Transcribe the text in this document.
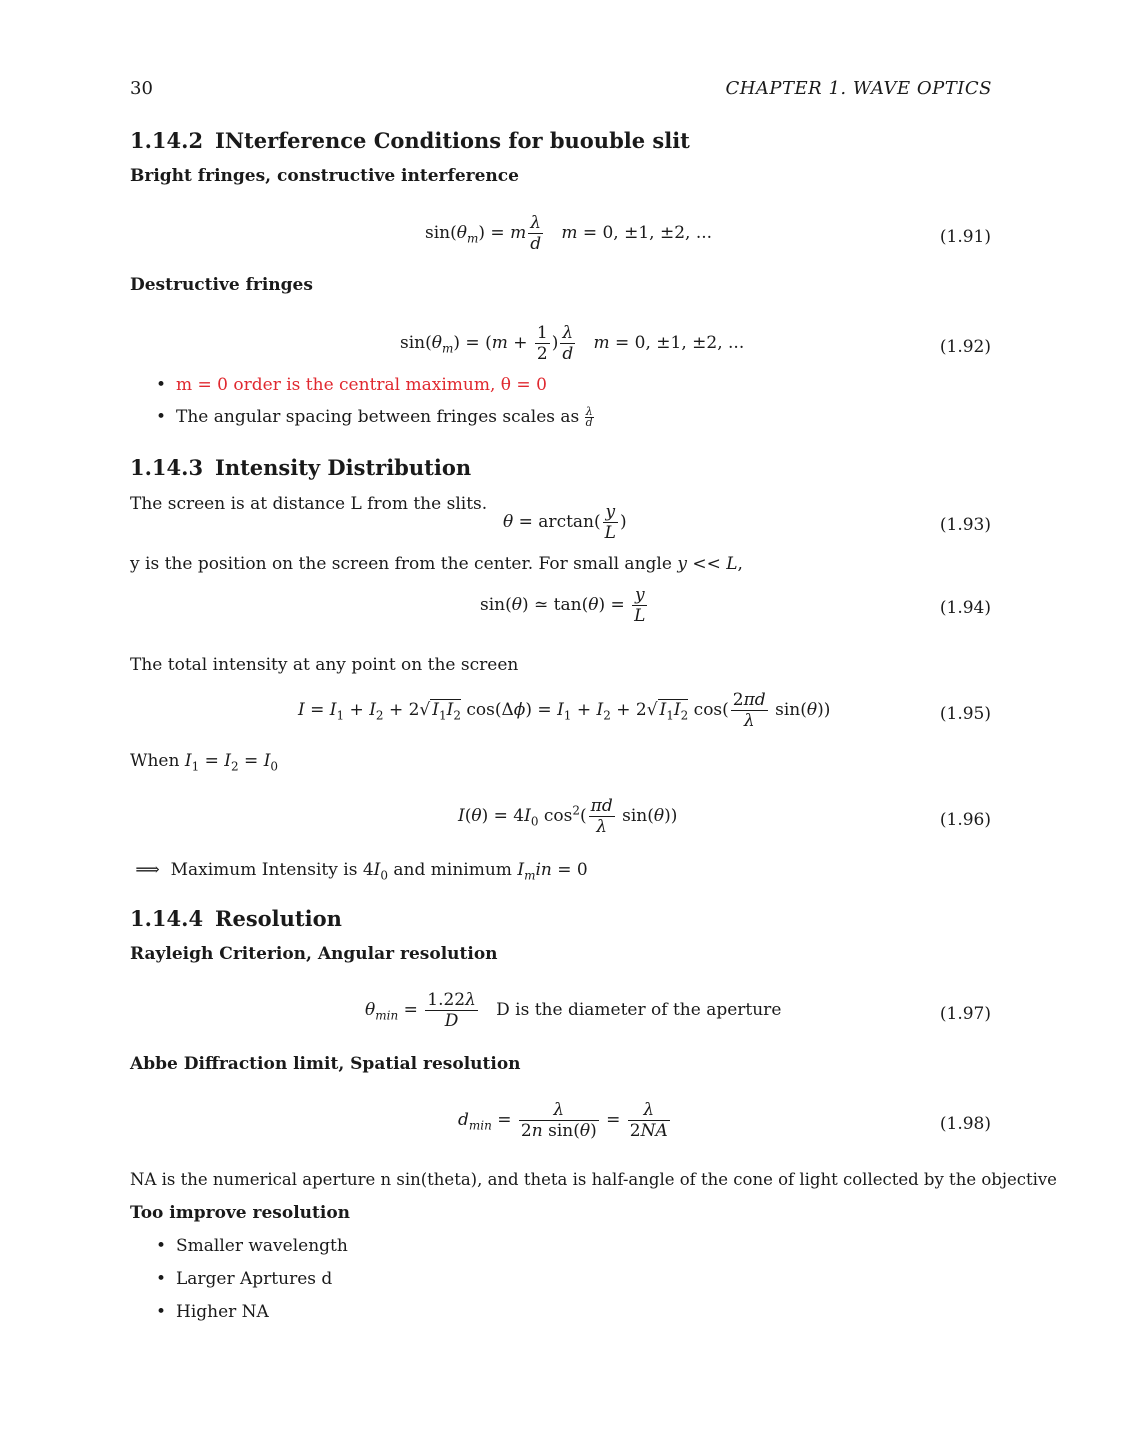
30	CHAPTER 1. WAVE OPTICS
1.14.2 INterference Conditions for buouble slit
Bright fringes, constructive interference
$\sin(\theta_m) = m \frac{\lambda}{d}$ m = 0, ±1, ±2, ...	(1.91)
Destructive fringes
$\sin(\theta_m) = (m + \frac{1}{2}$ ) $\frac{\lambda}{d}$ m = 0, ±1, ±2, ...	(1.92)
• m = 0 order is the central maximum, θ = 0
• The angular spacing between fringes scales as $\frac{\lambda}{d}$
1.14.3 Intensity Distribution
The screen is at distance L from the slits.
$\theta = \arctan( \frac{y}{L}$ )	(1.93)
y is the position on the screen from the center. For small angle y << L,
sin(θ) ≃ $\tan(\theta) = \frac{y}{L}$	(1.94)
The total intensity at any point on the screen
$I = I_1 + I_2 + 2√$ $I_1I_2$ $\cos(\Delta\phi) = I_1 + I_2 + 2√$ $I_1I_2$ $\cos( \frac{2\pi d}{\lambda} \sin(\theta))$	(1.95)
When $I_1 = I_2 = I_0$
$I(\theta) = 4I_0$ $\cos^2( \frac{\pi d}{\lambda} \sin(\theta))$	(1.96)
⟹  Maximum Intensity is $4I_0$ and minimum $I_min = 0$
1.14.4 Resolution
Rayleigh Criterion, Angular resolution
$\theta_{min} = \frac{1.22\lambda}{D}$ D is the diameter of the aperture	(1.97)
Abbe Diffraction limit, Spatial resolution
$d_{min} = \frac{\lambda}{\text{2n sin(θ)}} = \frac{\lambda}{2NA}$	(1.98)
NA is the numerical aperture n sin(theta), and theta is half-angle of the cone of light collected by the objective
Too improve resolution
• Smaller wavelength
• Larger Aprtures d
• Higher NA
